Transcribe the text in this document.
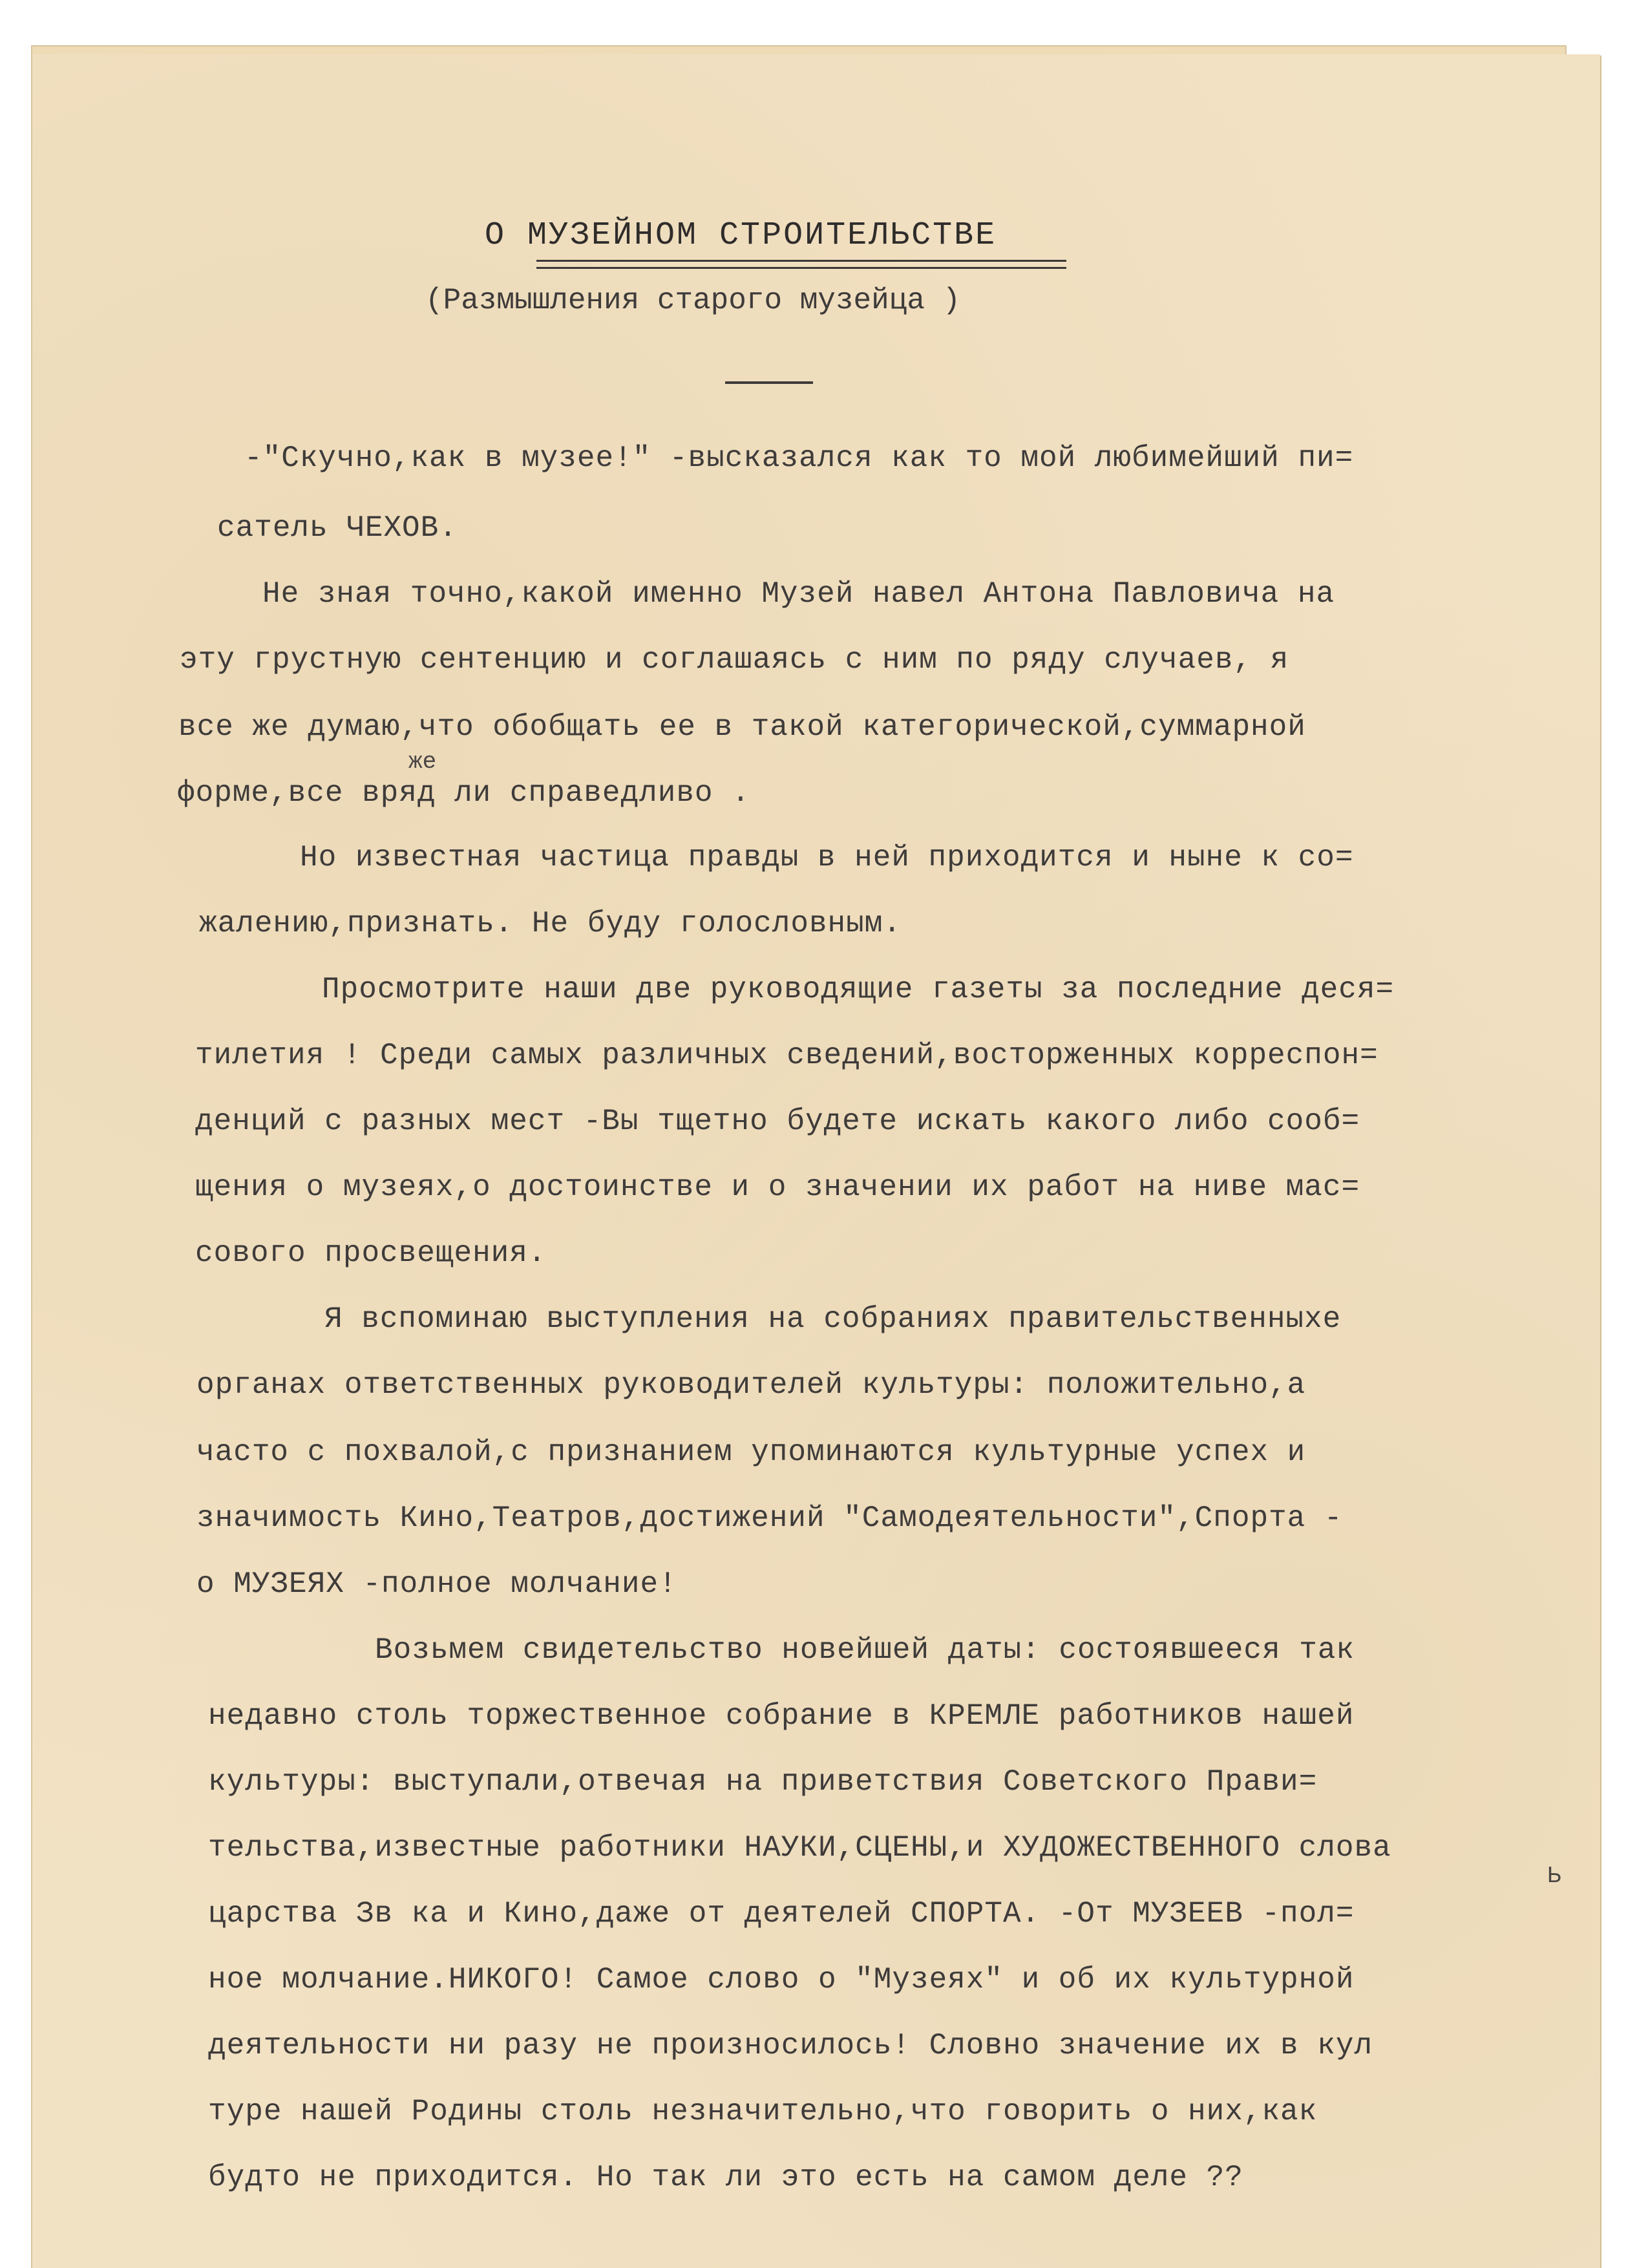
О МУЗЕЙНОМ СТРОИТЕЛЬСТВЕ
(Размышления старого музейца )
-"Скучно,как в музее!" -высказался как то мой любимейший пи=
сатель ЧЕХОВ.
Не зная точно,какой именно Музей навел Антона Павловича на
эту грустную сентенцию и соглашаясь с ним по ряду случаев, я
все же думаю,что обобщать ее в такой категорической,суммарной
же
форме,все вряд ли справедливо .
Но известная частица правды в ней приходится и ныне к со=
жалению,признать. Не буду голословным.
Просмотрите наши две руководящие газеты за последние деся=
тилетия ! Среди самых различных сведений,восторженных корреспон=
денций с разных мест -Вы тщетно будете искать какого либо сооб=
щения о музеях,о достоинстве и о значении их работ на ниве мас=
сового просвещения.
Я вспоминаю выступления на собраниях правительственныхе
органах ответственных руководителей культуры: положительно,а
часто с похвалой,с признанием упоминаются культурные успех и
значимость Кино,Театров,достижений "Самодеятельности",Спорта -
о МУЗЕЯХ -полное молчание!
Возьмем свидетельство новейшей даты: состоявшееся так
недавно столь торжественное собрание в КРЕМЛЕ работников нашей
культуры: выступали,отвечая на приветствия Советского Прави=
тельства,известные работники НАУКИ,СЦЕНЫ,и ХУДОЖЕСТВЕННОГО слова
Ь
царства Зв ка и Кино,даже от деятелей СПОРТА. -От МУЗЕЕВ -пол=
ное молчание.НИКОГО! Самое слово о "Музеях" и об их культурной
деятельности ни разу не произносилось! Словно значение их в кул
туре нашей Родины столь незначительно,что говорить о них,как
будто не приходится. Но так ли это есть на самом деле ??
